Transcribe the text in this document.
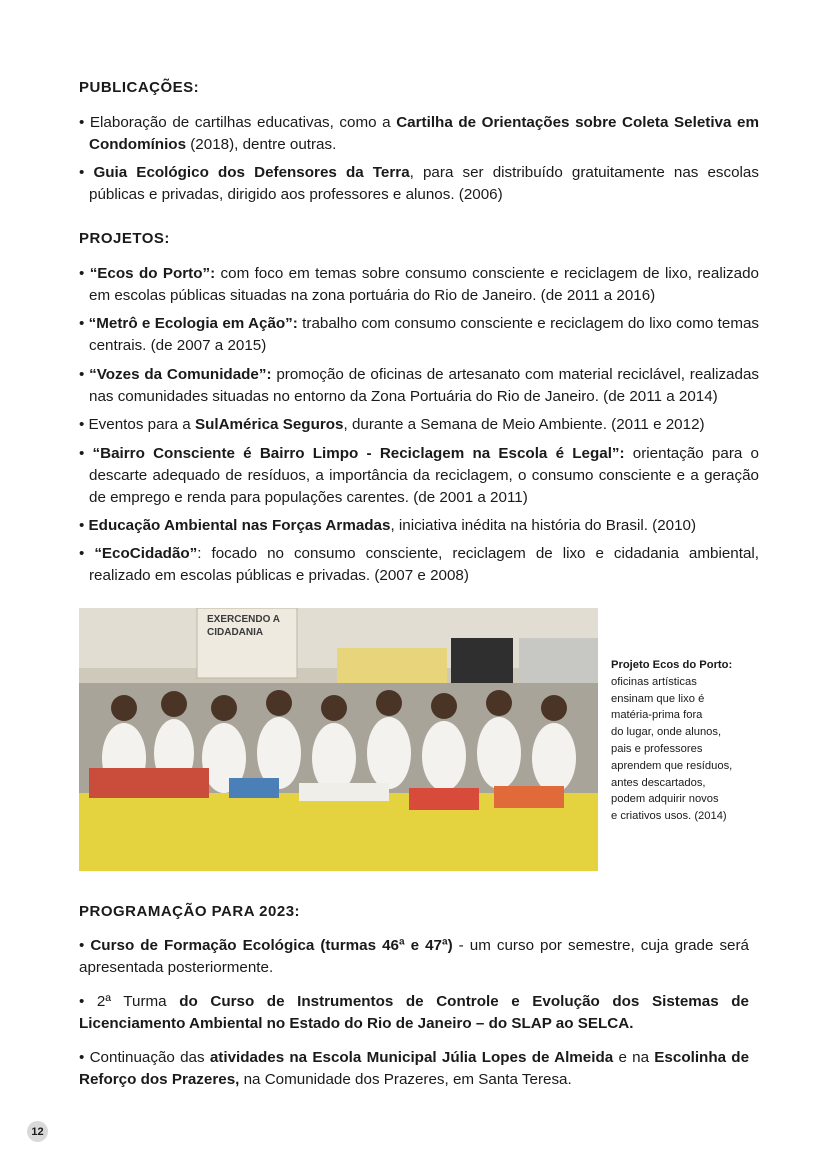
PUBLICAÇÕES:

• Elaboração de cartilhas educativas, como a Cartilha de Orientações sobre Coleta Seletiva em Condomínios (2018), dentre outras.

• Guia Ecológico dos Defensores da Terra, para ser distribuído gratuitamente nas escolas públicas e privadas, dirigido aos professores e alunos. (2006)

PROJETOS:

• “Ecos do Porto”: com foco em temas sobre consumo consciente e reciclagem de lixo, realizado em escolas públicas situadas na zona portuária do Rio de Janeiro. (de 2011 a 2016)

• “Metrô e Ecologia em Ação”: trabalho com consumo consciente e reciclagem do lixo como temas centrais. (de 2007 a 2015)

• “Vozes da Comunidade”: promoção de oficinas de artesanato com material reciclável, realizadas nas comunidades situadas no entorno da Zona Portuária do Rio de Janeiro. (de 2011 a 2014)

• Eventos para a SulAmérica Seguros, durante a Semana de Meio Ambiente. (2011 e 2012)

• “Bairro Consciente é Bairro Limpo - Reciclagem na Escola é Legal”: orientação para o descarte adequado de resíduos, a importância da reciclagem, o consumo consciente e a geração de emprego e renda para populações carentes. (de 2001 a 2011)

• Educação Ambiental nas Forças Armadas, iniciativa inédita na história do Brasil. (2010)

• “EcoCidadão”: focado no consumo consciente, reciclagem de lixo e cidadania ambiental, realizado em escolas públicas e privadas. (2007 e 2008)

EXERCENDO A
CIDADANIA

Projeto Ecos do Porto:
oficinas artísticas
ensinam que lixo é
matéria-prima fora
do lugar, onde alunos,
pais e professores
aprendem que resíduos,
antes descartados,
podem adquirir novos
e criativos usos. (2014)

PROGRAMAÇÃO PARA 2023:

• Curso de Formação Ecológica (turmas 46ª e 47ª) - um curso por semestre, cuja grade será apresentada posteriormente.

• 2ª Turma do Curso de Instrumentos de Controle e Evolução dos Sistemas de Licenciamento Ambiental no Estado do Rio de Janeiro – do SLAP ao SELCA.

• Continuação das atividades na Escola Municipal Júlia Lopes de Almeida e na Escolinha de Reforço dos Prazeres, na Comunidade dos Prazeres, em Santa Teresa.

12
